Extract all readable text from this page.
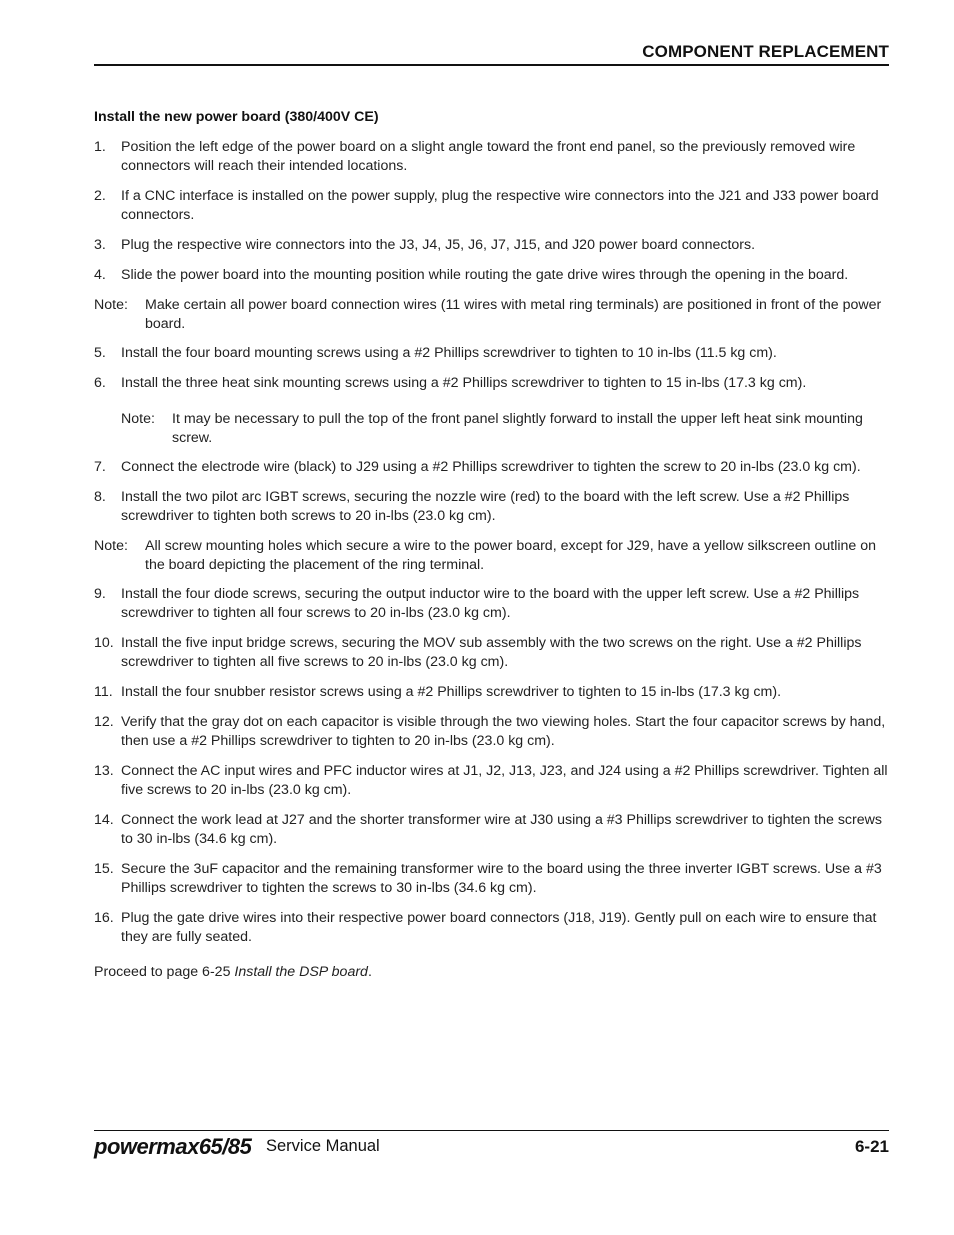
COMPONENT REPLACEMENT
Install the new power board (380/400V CE)
1.	Position the left edge of the power board on a slight angle toward the front end panel, so the previously removed wire connectors will reach their intended locations.
2.	If a CNC interface is installed on the power supply, plug the respective wire connectors into the J21 and J33 power board connectors.
3.	Plug the respective wire connectors into the J3, J4, J5, J6, J7, J15, and J20 power board connectors.
4.	Slide the power board into the mounting position while routing the gate drive wires through the opening in the board.
Note:	Make certain all power board connection wires (11 wires with metal ring terminals) are positioned in front of the power board.
5.	Install the four board mounting screws using a #2 Phillips screwdriver to tighten to 10 in-lbs (11.5 kg cm).
6.	Install the three heat sink mounting screws using a #2 Phillips screwdriver to tighten to 15 in-lbs (17.3 kg cm).
Note:	It may be necessary to pull the top of the front panel slightly forward to install the upper left heat sink mounting screw.
7.	Connect the electrode wire (black) to J29 using a #2 Phillips screwdriver to tighten the screw to 20 in-lbs (23.0 kg cm).
8.	Install the two pilot arc IGBT screws, securing the nozzle wire (red) to the board with the left screw. Use a #2 Phillips screwdriver to tighten both screws to 20 in-lbs (23.0 kg cm).
Note:	All screw mounting holes which secure a wire to the power board, except for J29, have a yellow silkscreen outline on the board depicting the placement of the ring terminal.
9.	Install the four diode screws, securing the output inductor wire to the board with the upper left screw. Use a #2 Phillips screwdriver to tighten all four screws to 20 in-lbs (23.0 kg cm).
10. Install the five input bridge screws, securing the MOV sub assembly with the two screws on the right. Use a #2 Phillips screwdriver to tighten all five screws to 20 in-lbs (23.0 kg cm).
11. Install the four snubber resistor screws using a #2 Phillips screwdriver to tighten to 15 in-lbs (17.3 kg cm).
12. Verify that the gray dot on each capacitor is visible through the two viewing holes. Start the four capacitor screws by hand, then use a #2 Phillips screwdriver to tighten to 20 in-lbs (23.0 kg cm).
13. Connect the AC input wires and PFC inductor wires at J1, J2, J13, J23, and J24 using a #2 Phillips screwdriver. Tighten all five screws to 20 in-lbs (23.0 kg cm).
14. Connect the work lead at J27 and the shorter transformer wire at J30 using a #3 Phillips screwdriver to tighten the screws to 30 in-lbs (34.6 kg cm).
15. Secure the 3uF capacitor and the remaining transformer wire to the board using the three inverter IGBT screws. Use a #3 Phillips screwdriver to tighten the screws to 30 in-lbs (34.6 kg cm).
16. Plug the gate drive wires into their respective power board connectors (J18, J19). Gently pull on each wire to ensure that they are fully seated.
Proceed to page 6-25 Install the DSP board.
powermax65/85 Service Manual	6-21
